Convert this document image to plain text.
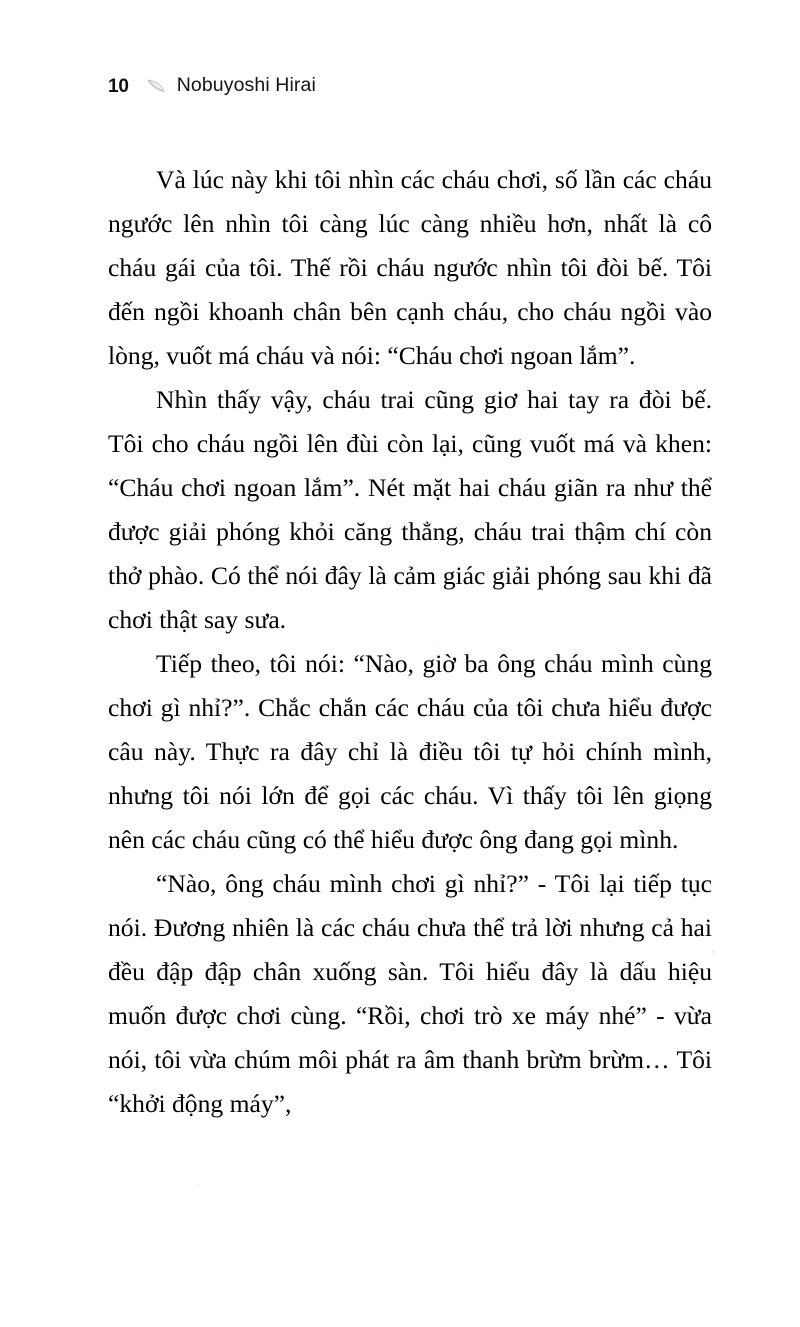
10 Nobuyoshi Hirai

Và lúc này khi tôi nhìn các cháu chơi, số lần các cháu ngước lên nhìn tôi càng lúc càng nhiều hơn, nhất là cô cháu gái của tôi. Thế rồi cháu ngước nhìn tôi đòi bế. Tôi đến ngồi khoanh chân bên cạnh cháu, cho cháu ngồi vào lòng, vuốt má cháu và nói: “Cháu chơi ngoan lắm”.

Nhìn thấy vậy, cháu trai cũng giơ hai tay ra đòi bế. Tôi cho cháu ngồi lên đùi còn lại, cũng vuốt má và khen: “Cháu chơi ngoan lắm”. Nét mặt hai cháu giãn ra như thể được giải phóng khỏi căng thẳng, cháu trai thậm chí còn thở phào. Có thể nói đây là cảm giác giải phóng sau khi đã chơi thật say sưa.

Tiếp theo, tôi nói: “Nào, giờ ba ông cháu mình cùng chơi gì nhỉ?”. Chắc chắn các cháu của tôi chưa hiểu được câu này. Thực ra đây chỉ là điều tôi tự hỏi chính mình, nhưng tôi nói lớn để gọi các cháu. Vì thấy tôi lên giọng nên các cháu cũng có thể hiểu được ông đang gọi mình.

“Nào, ông cháu mình chơi gì nhỉ?” - Tôi lại tiếp tục nói. Đương nhiên là các cháu chưa thể trả lời nhưng cả hai đều đập đập chân xuống sàn. Tôi hiểu đây là dấu hiệu muốn được chơi cùng. “Rồi, chơi trò xe máy nhé” - vừa nói, tôi vừa chúm môi phát ra âm thanh brừm brừm… Tôi “khởi động máy”,
